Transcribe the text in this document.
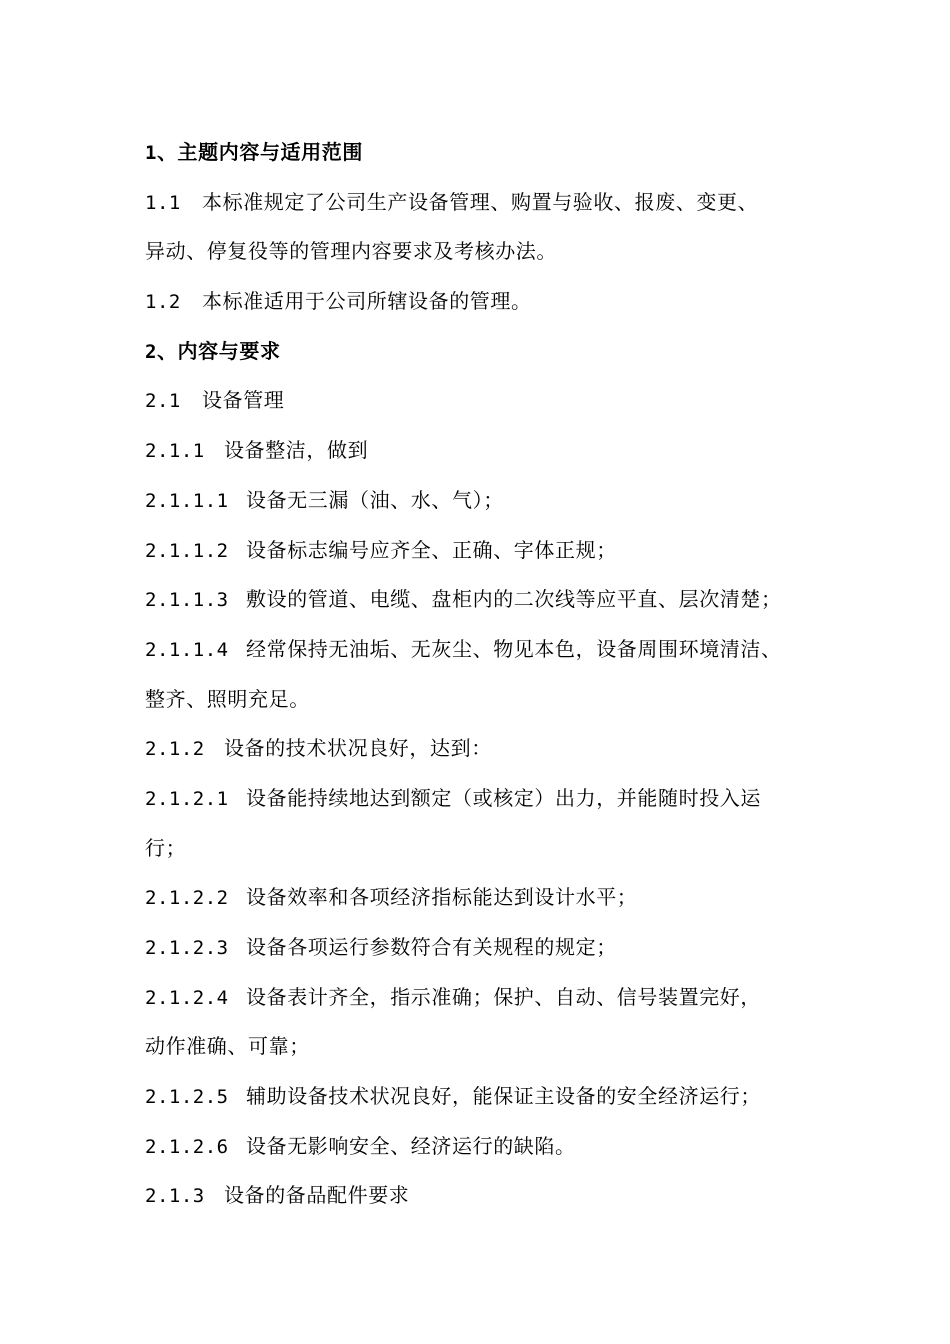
1、主题内容与适用范围
1.1 本标准规定了公司生产设备管理、购置与验收、报废、变更、
异动、停复役等的管理内容要求及考核办法。
1.2 本标准适用于公司所辖设备的管理。
2、内容与要求
2.1 设备管理
2.1.1 设备整洁，做到
2.1.1.1 设备无三漏（油、水、气）；
2.1.1.2 设备标志编号应齐全、正确、字体正规；
2.1.1.3 敷设的管道、电缆、盘柜内的二次线等应平直、层次清楚；
2.1.1.4 经常保持无油垢、无灰尘、物见本色，设备周围环境清洁、
整齐、照明充足。
2.1.2 设备的技术状况良好，达到：
2.1.2.1 设备能持续地达到额定（或核定）出力，并能随时投入运
行；
2.1.2.2 设备效率和各项经济指标能达到设计水平；
2.1.2.3 设备各项运行参数符合有关规程的规定；
2.1.2.4 设备表计齐全，指示准确；保护、自动、信号装置完好，
动作准确、可靠；
2.1.2.5 辅助设备技术状况良好，能保证主设备的安全经济运行；
2.1.2.6 设备无影响安全、经济运行的缺陷。
2.1.3 设备的备品配件要求
